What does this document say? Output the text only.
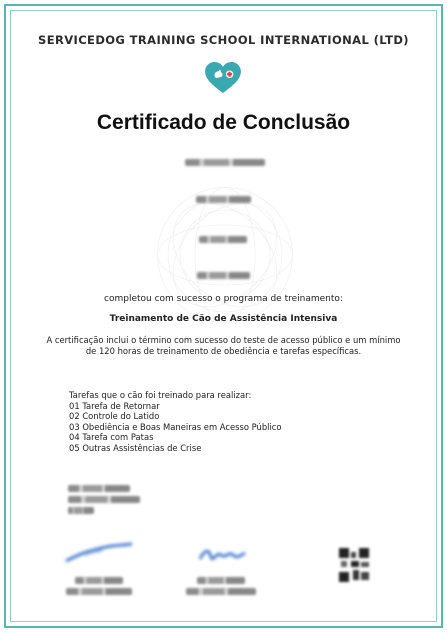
SERVICEDOG TRAINING SCHOOL INTERNATIONAL (LTD)
Certificado de Conclusão
completou com sucesso o programa de treinamento:
Treinamento de Cão de Assistência Intensiva
A certificação inclui o término com sucesso do teste de acesso público e um mínimo de 120 horas de treinamento de obediência e tarefas específicas.
Tarefas que o cão foi treinado para realizar:
01 Tarefa de Retornar
02 Controle do Latido
03 Obediência e Boas Maneiras em Acesso Público
04 Tarefa com Patas
05 Outras Assistências de Crise
